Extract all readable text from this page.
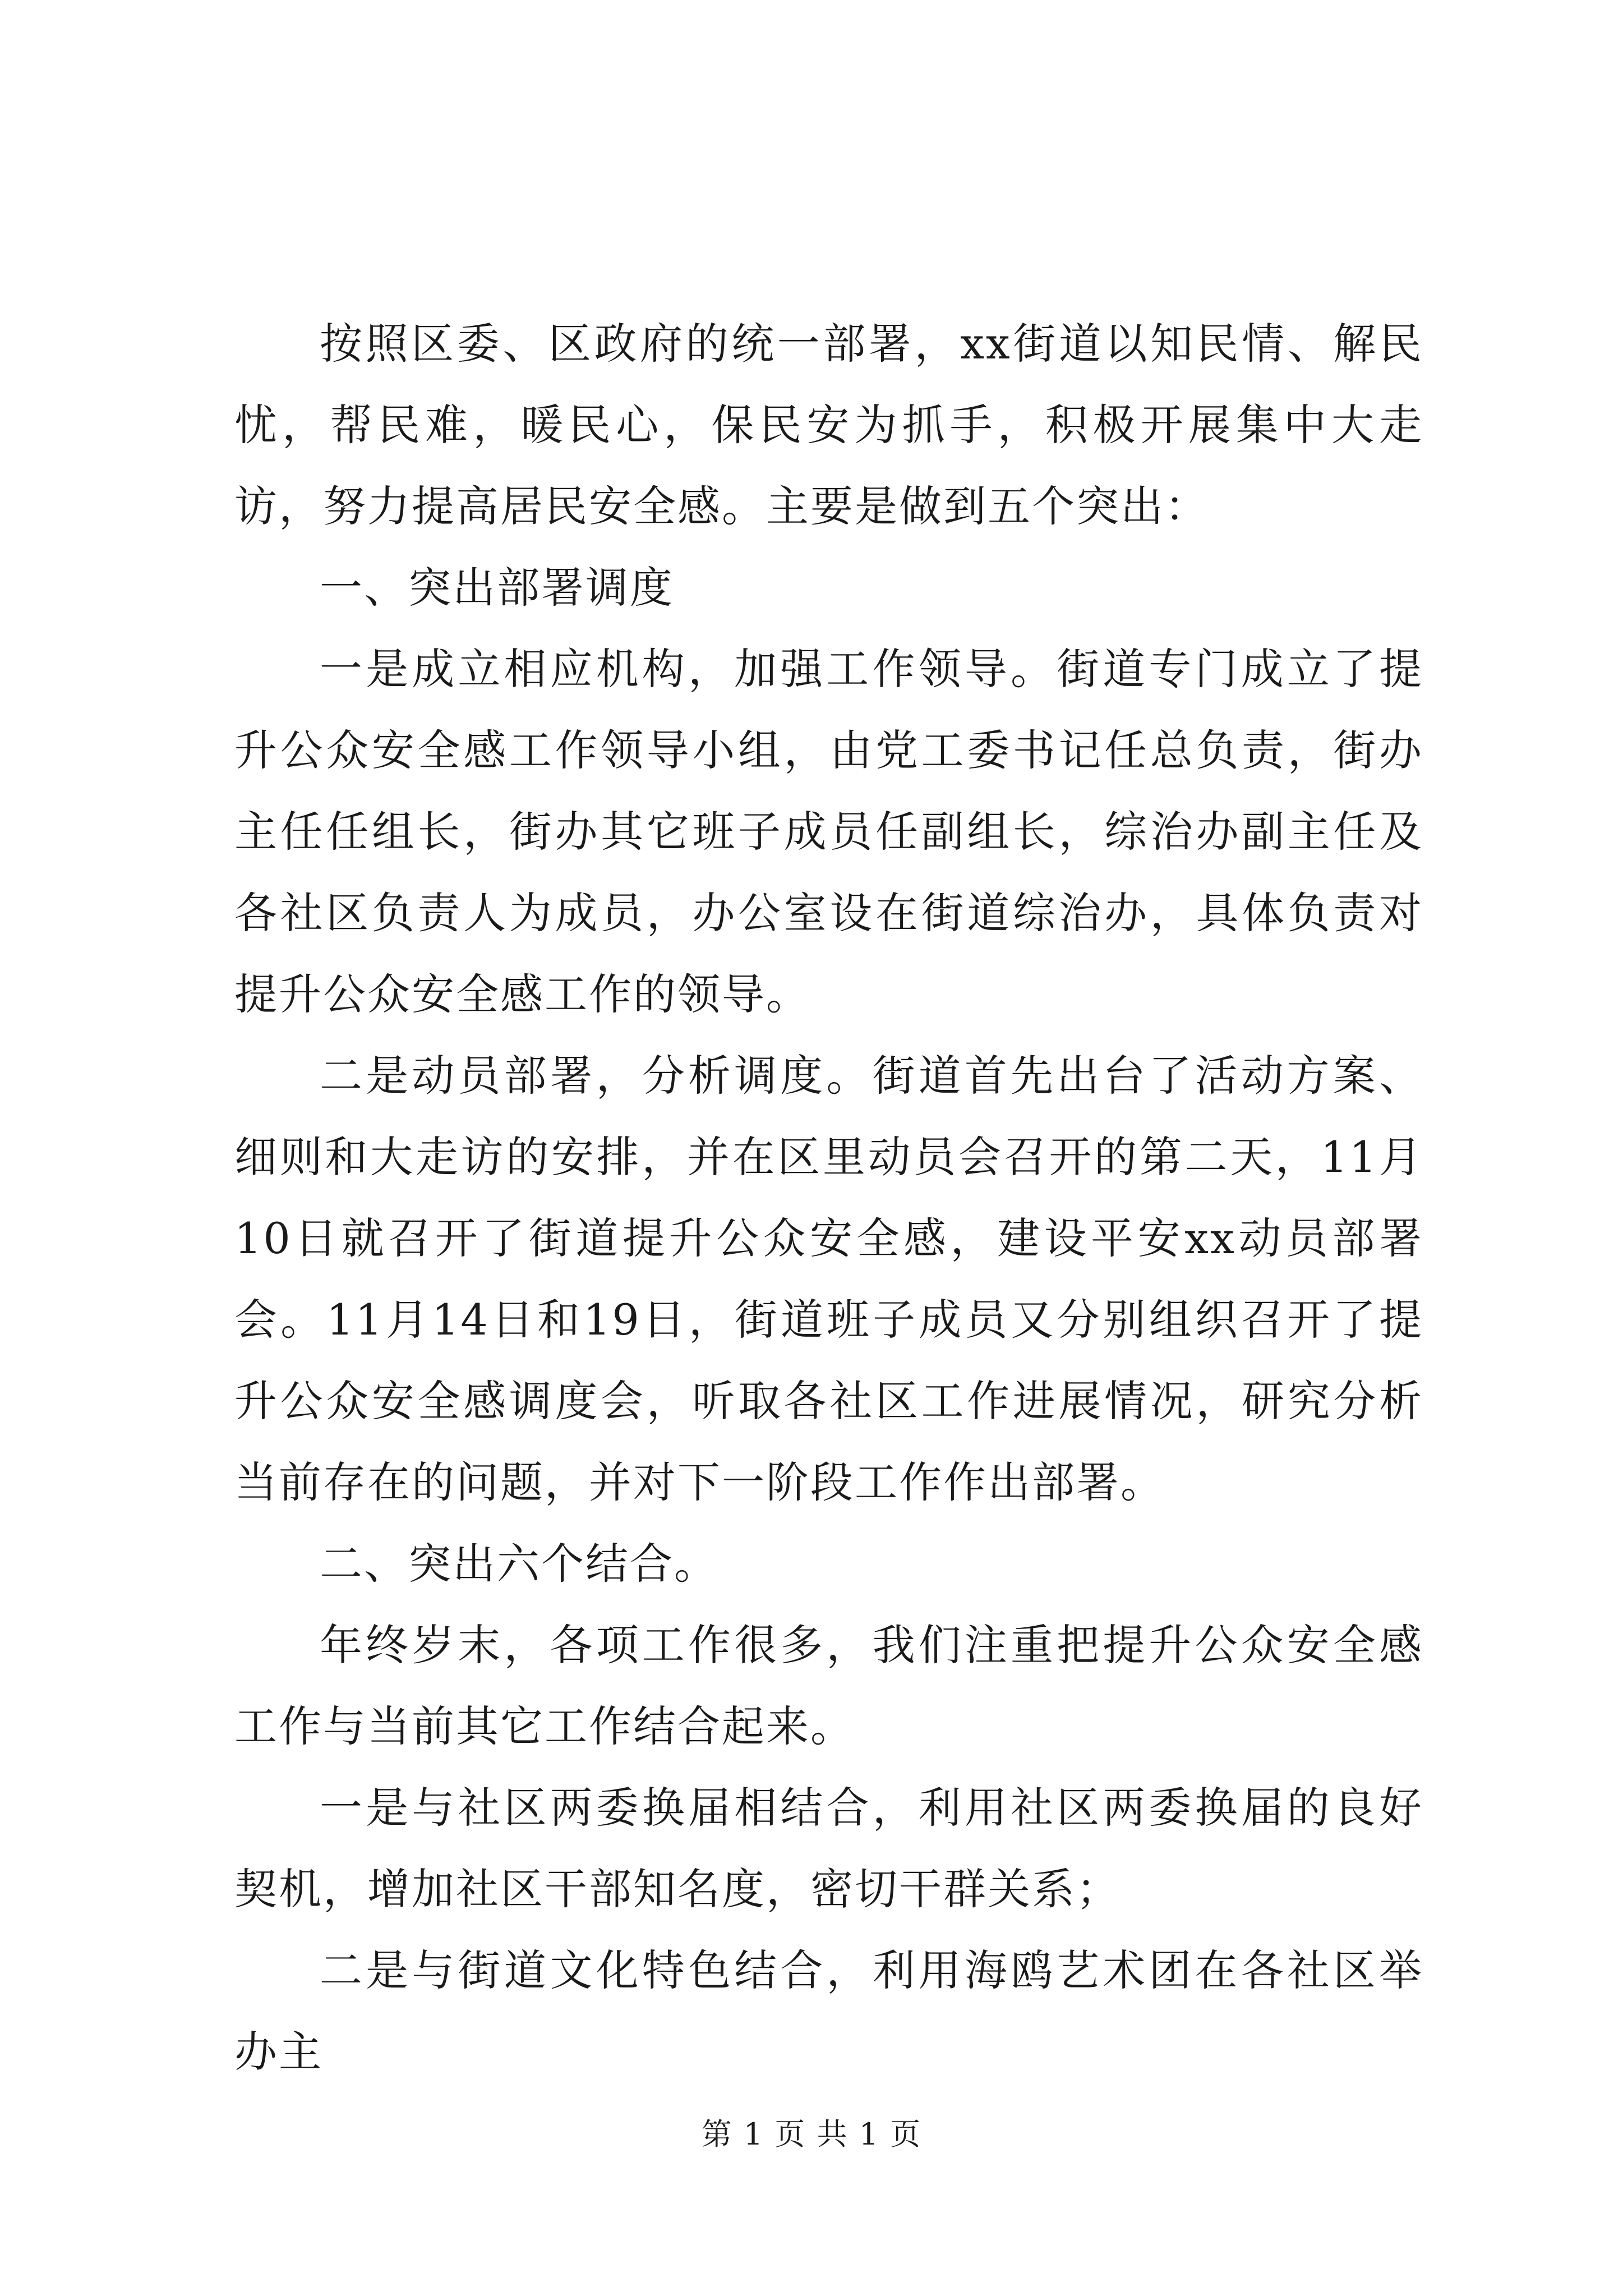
按照区委、区政府的统一部署，xx街道以知民情、解民忧，帮民难，暖民心，保民安为抓手，积极开展集中大走访，努力提高居民安全感。主要是做到五个突出：

一、突出部署调度

一是成立相应机构，加强工作领导。街道专门成立了提升公众安全感工作领导小组，由党工委书记任总负责，街办主任任组长，街办其它班子成员任副组长，综治办副主任及各社区负责人为成员，办公室设在街道综治办，具体负责对提升公众安全感工作的领导。

二是动员部署，分析调度。街道首先出台了活动方案、细则和大走访的安排，并在区里动员会召开的第二天，11月10日就召开了街道提升公众安全感，建设平安xx动员部署会。11月14日和19日，街道班子成员又分别组织召开了提升公众安全感调度会，听取各社区工作进展情况，研究分析当前存在的问题，并对下一阶段工作作出部署。

二、突出六个结合。

年终岁末，各项工作很多，我们注重把提升公众安全感工作与当前其它工作结合起来。

一是与社区两委换届相结合，利用社区两委换届的良好契机，增加社区干部知名度，密切干群关系；

二是与街道文化特色结合，利用海鸥艺术团在各社区举办主

第 1 页 共 1 页
